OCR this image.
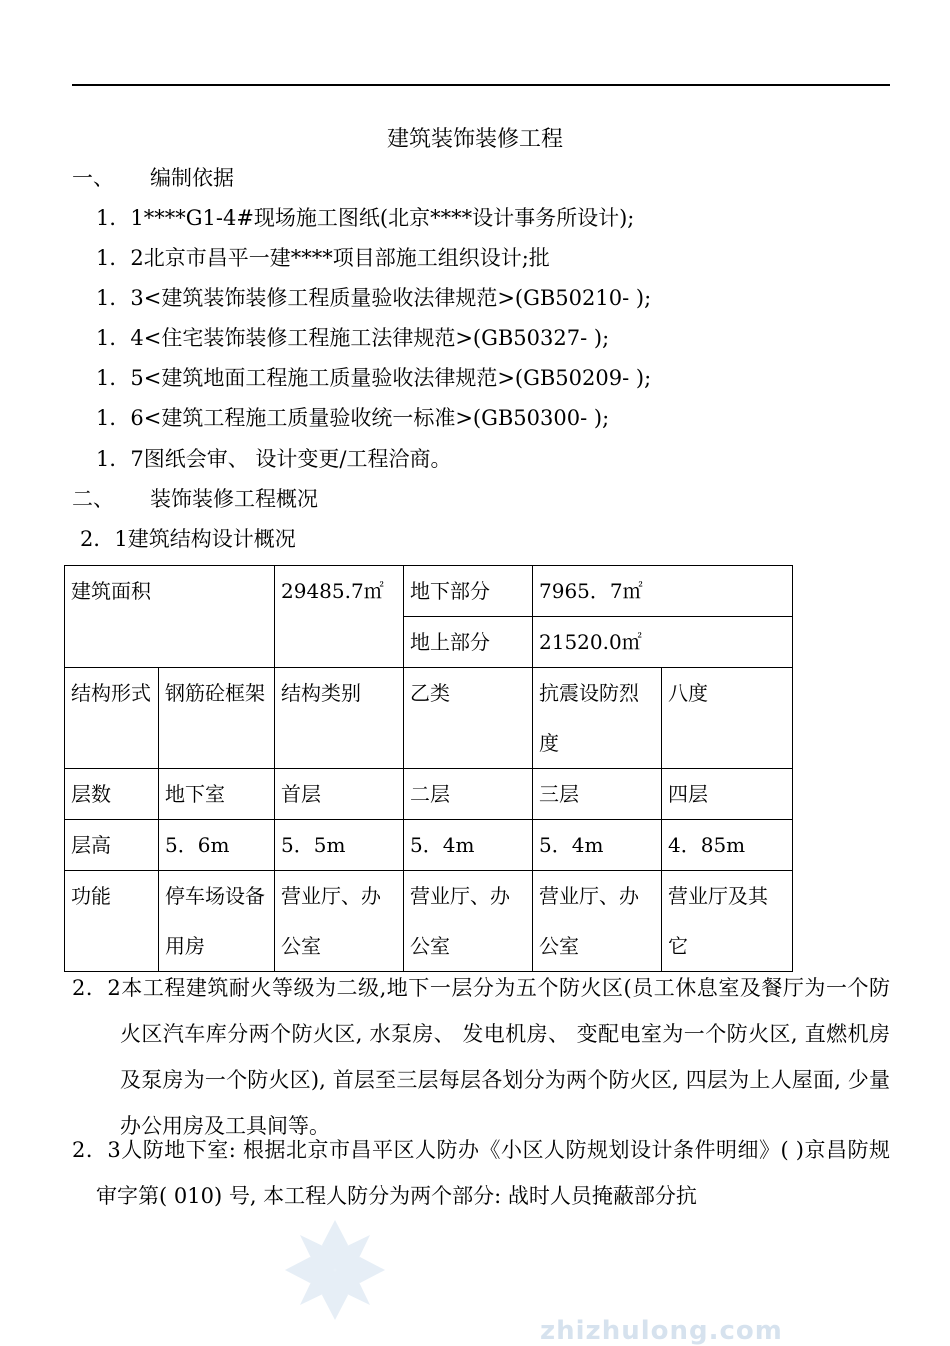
建筑装饰装修工程
一、 编制依据
1．1****G1-4#现场施工图纸(北京****设计事务所设计);
1．2北京市昌平一建****项目部施工组织设计;批
1．3<建筑装饰装修工程质量验收法律规范>(GB50210- );
1．4<住宅装饰装修工程施工法律规范>(GB50327- );
1．5<建筑地面工程施工质量验收法律规范>(GB50209- );
1．6<建筑工程施工质量验收统一标准>(GB50300- );
1．7图纸会审、 设计变更/工程洽商。
二、 装饰装修工程概况
2．1建筑结构设计概况
建筑面积		29485.7㎡	地下部分	7965．7㎡	
			地上部分	21520.0㎡	
结构形式	钢筋砼框架	结构类别	乙类	抗震设防烈度	八度
层数	地下室	首层	二层	三层	四层
层高	5．6m	5．5m	5．4m	5．4m	4．85m
功能	停车场设备用房	营业厅、办公室	营业厅、办公室	营业厅、办公室	营业厅及其它
2．2本工程建筑耐火等级为二级,地下一层分为五个防火区(员工休息室及餐厅为一个防火区汽车库分两个防火区, 水泵房、 发电机房、 变配电室为一个防火区, 直燃机房及泵房为一个防火区), 首层至三层每层各划分为两个防火区, 四层为上人屋面, 少量办公用房及工具间等。
2．3人防地下室: 根据北京市昌平区人防办《小区人防规划设计条件明细》( )京昌防规审字第( 010) 号, 本工程人防分为两个部分: 战时人员掩蔽部分抗
zhizhulong.com
